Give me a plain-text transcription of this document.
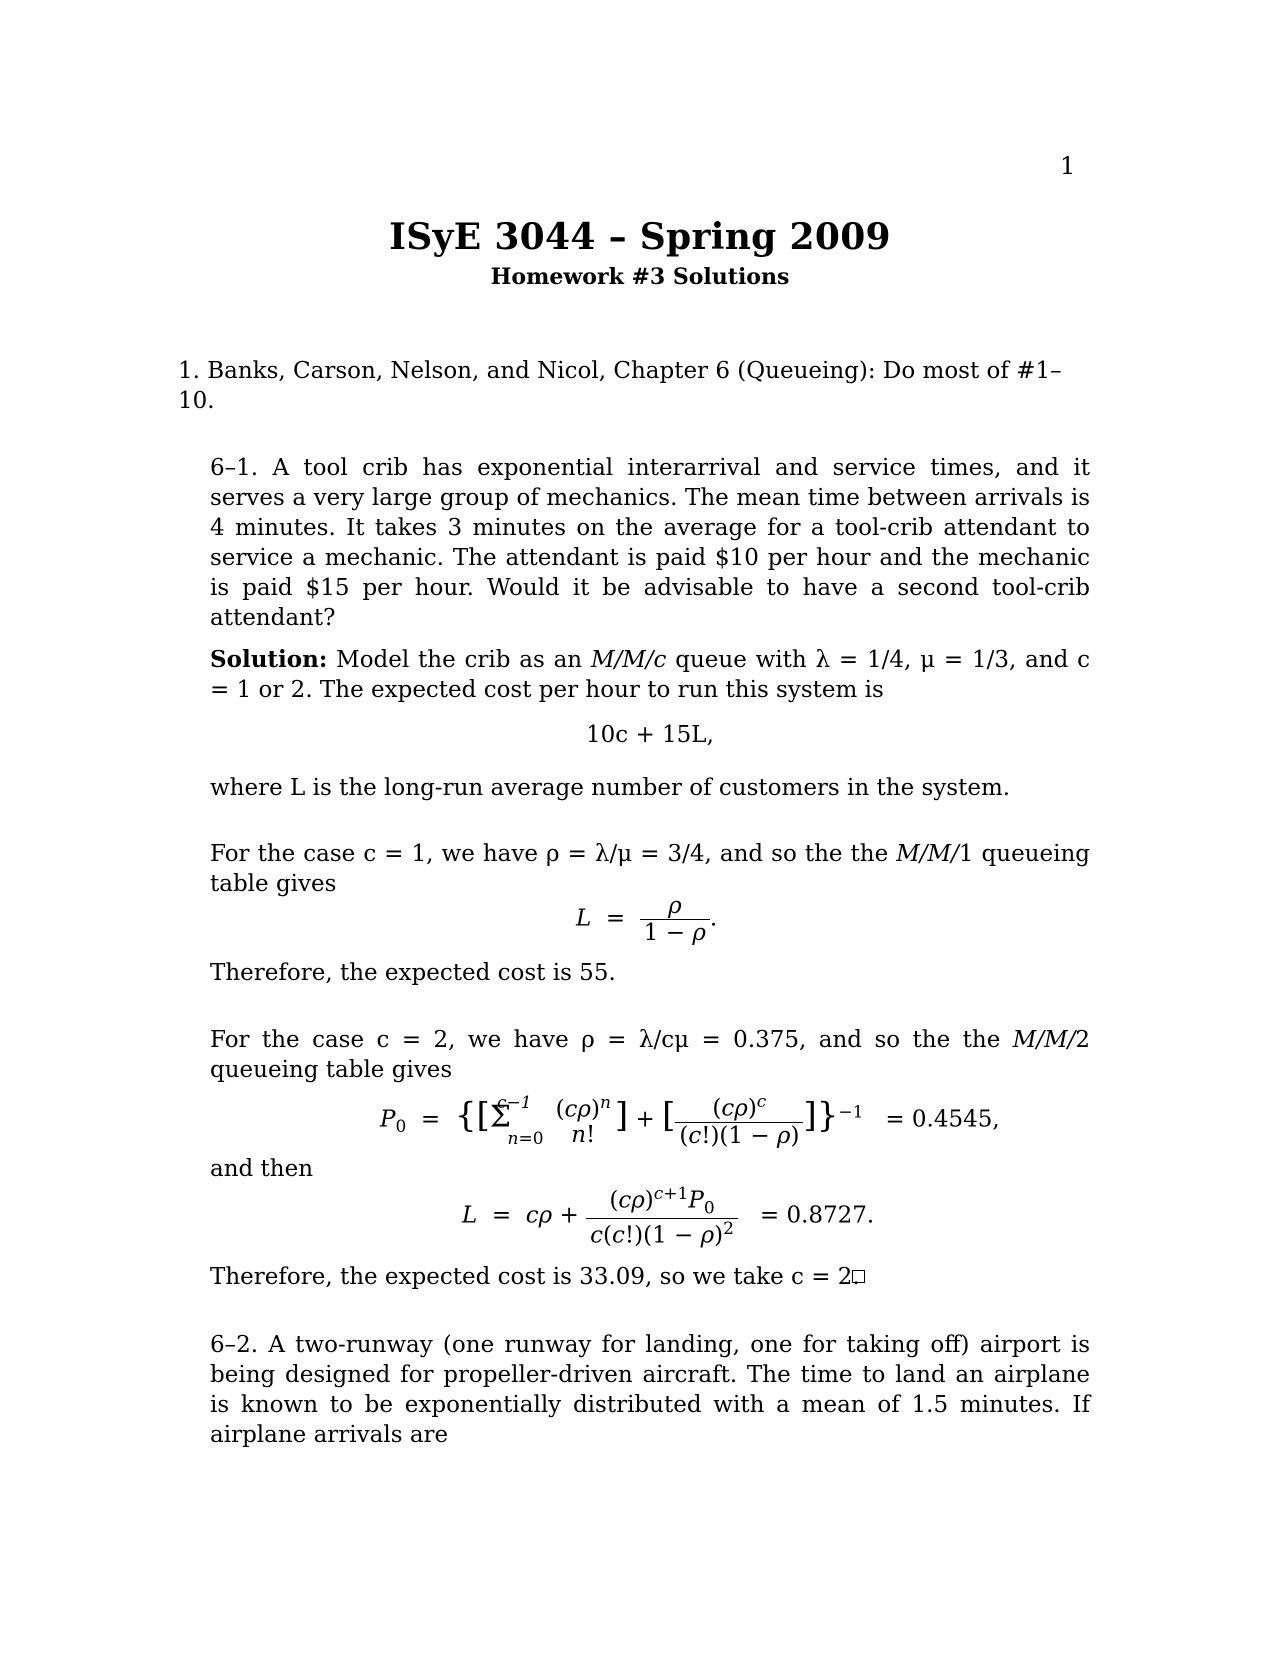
1
ISyE 3044 – Spring 2009
Homework #3 Solutions
1. Banks, Carson, Nelson, and Nicol, Chapter 6 (Queueing): Do most of #1–10.
6–1. A tool crib has exponential interarrival and service times, and it serves a very large group of mechanics. The mean time between arrivals is 4 minutes. It takes 3 minutes on the average for a tool-crib attendant to service a mechanic. The attendant is paid $10 per hour and the mechanic is paid $15 per hour. Would it be advisable to have a second tool-crib attendant?
Solution: Model the crib as an M/M/c queue with λ = 1/4, μ = 1/3, and c = 1 or 2. The expected cost per hour to run this system is
10c + 15L,
where L is the long-run average number of customers in the system.
For the case c = 1, we have ρ = λ/μ = 3/4, and so the the M/M/1 queueing table gives
$L = \frac{\rho}{1 - \rho}$ .
Therefore, the expected cost is 55.
For the case c = 2, we have ρ = λ/cμ = 0.375, and so the the M/M/2 queueing table gives
$P_0 = \{[\Sigma^{c-1}_{n=0}$
$(c\rho)^n$
n! ] + [ $\frac{(c\rho)^c}{(c!)(1 - \rho)} ]\}^{-1} = 0.4545$,
and then
$L = c\rho + \frac{(c\rho)^{c+1}P_0}{c(c!)(1 - \rho)^2} = 0.8727$.
Therefore, the expected cost is 33.09, so we take c = 2.
6–2. A two-runway (one runway for landing, one for taking off) airport is being designed for propeller-driven aircraft. The time to land an airplane is known to be exponentially distributed with a mean of 1.5 minutes. If airplane arrivals are
